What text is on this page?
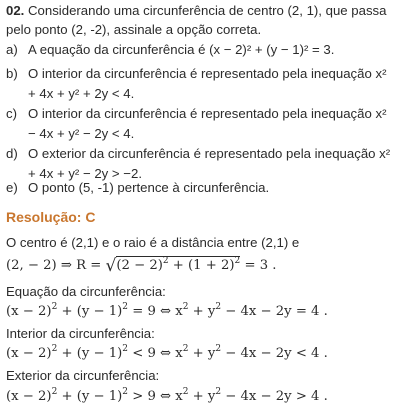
02. Considerando uma circunferência de centro (2, 1), que passa
pelo ponto (2, -2), assinale a opção correta.
a) A equação da circunferência é (x − 2)² + (y − 1)² = 3.
b) O interior da circunferência é representado pela inequação x²
+ 4x + y² + 2y < 4.
c) O interior da circunferência é representado pela inequação x²
− 4x + y² − 2y < 4.
d) O exterior da circunferência é representado pela inequação x²
+ 4x + y² − 2y > −2.
e) O ponto (5, -1) pertence à circunferência.
Resolução: C
O centro é (2,1) e o raio é a distância entre (2,1) e
(2, − 2) ⇒ $R = √(2 - 2)^2 + (1 + 2)^2 = 3$ .
Equação da circunferência:
$(x - 2)^2 + (y - 1)^2 = 9$ ⇔ $x^2 + y^2 - 4x - 2y = 4$ .
Interior da circunferência:
$(x - 2)^2 + (y - 1)^2 < 9$ ⇔ $x^2 + y^2 - 4x - 2y < 4$ .
Exterior da circunferência:
$(x - 2)^2 + (y - 1)^2 > 9$ ⇔ $x^2 + y^2 - 4x - 2y > 4$ .
